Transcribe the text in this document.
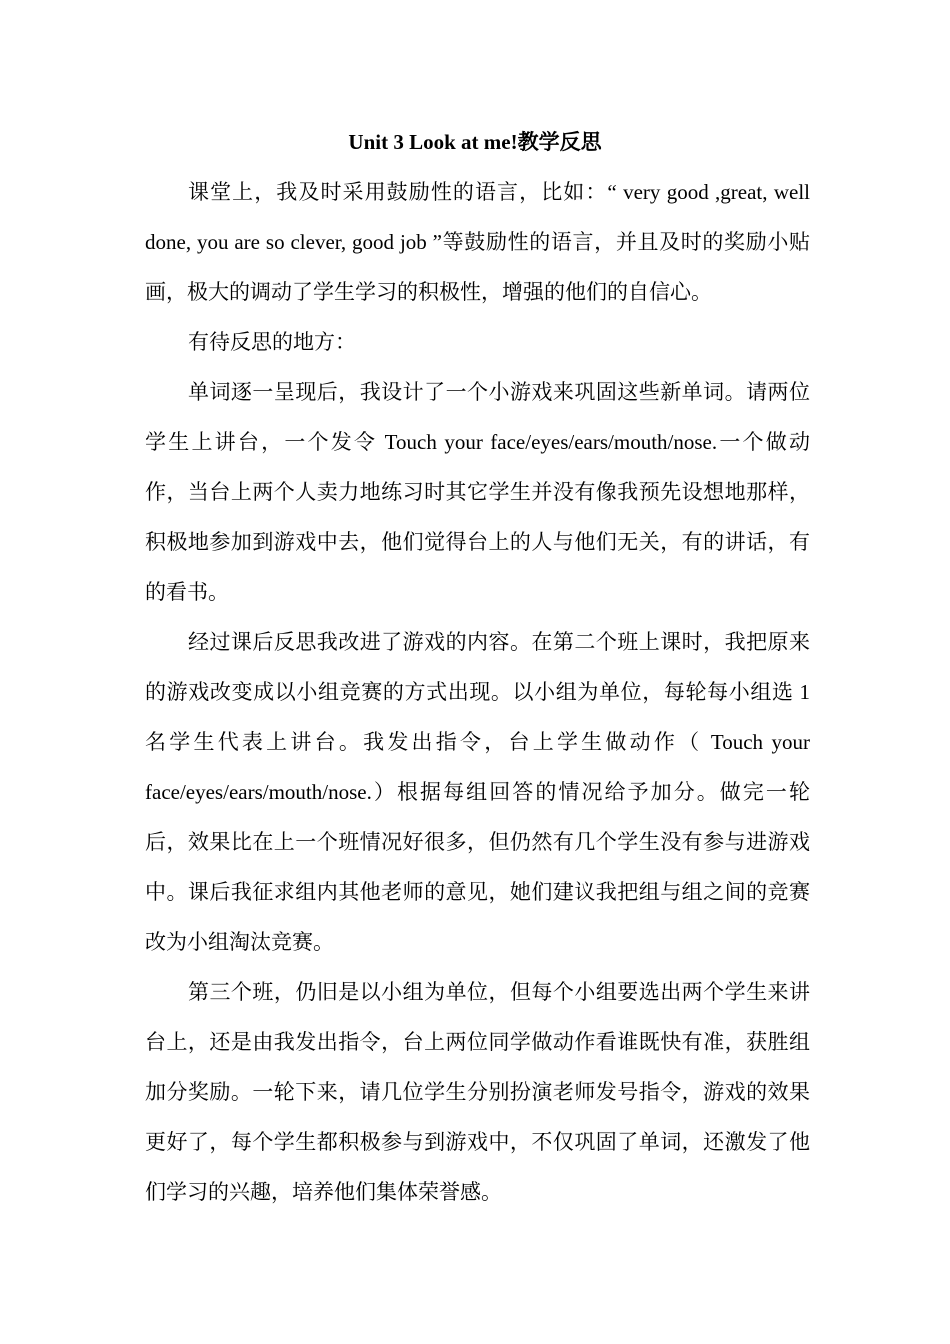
Unit 3 Look at me!教学反思

课堂上，我及时采用鼓励性的语言，比如：“ very good ,great, well done, you are so clever, good job ”等鼓励性的语言，并且及时的奖励小贴画，极大的调动了学生学习的积极性，增强的他们的自信心。

有待反思的地方：

单词逐一呈现后，我设计了一个小游戏来巩固这些新单词。请两位学生上讲台，一个发令 Touch your face/eyes/ears/mouth/nose.一个做动作，当台上两个人卖力地练习时其它学生并没有像我预先设想地那样，积极地参加到游戏中去，他们觉得台上的人与他们无关，有的讲话，有的看书。

经过课后反思我改进了游戏的内容。在第二个班上课时，我把原来的游戏改变成以小组竞赛的方式出现。以小组为单位，每轮每小组选 1 名学生代表上讲台。我发出指令，台上学生做动作（ Touch your face/eyes/ears/mouth/nose.）根据每组回答的情况给予加分。做完一轮后，效果比在上一个班情况好很多，但仍然有几个学生没有参与进游戏中。课后我征求组内其他老师的意见，她们建议我把组与组之间的竞赛改为小组淘汰竞赛。

第三个班，仍旧是以小组为单位，但每个小组要选出两个学生来讲台上，还是由我发出指令，台上两位同学做动作看谁既快有准，获胜组加分奖励。一轮下来，请几位学生分别扮演老师发号指令，游戏的效果更好了，每个学生都积极参与到游戏中，不仅巩固了单词，还激发了他们学习的兴趣，培养他们集体荣誉感。
